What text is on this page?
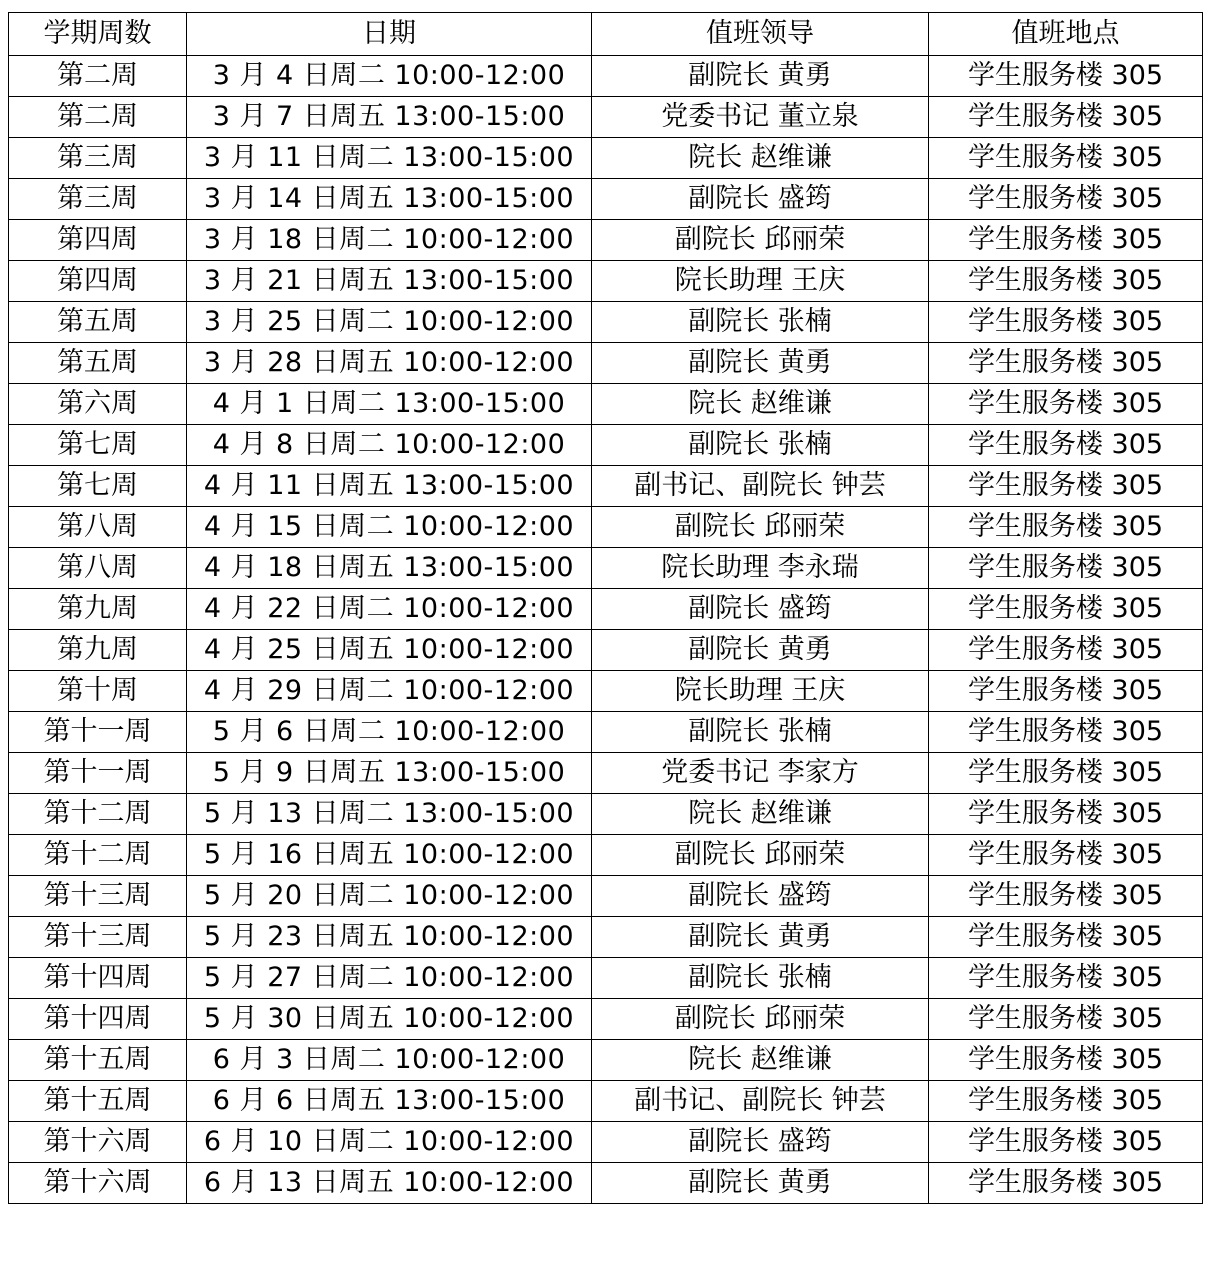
学期周数	日期	值班领导	值班地点
第二周	3 月 4 日周二 10:00-12:00	副院长 黄勇	学生服务楼 305
第二周	3 月 7 日周五 13:00-15:00	党委书记 董立泉	学生服务楼 305
第三周	3 月 11 日周二 13:00-15:00	院长 赵维谦	学生服务楼 305
第三周	3 月 14 日周五 13:00-15:00	副院长 盛筠	学生服务楼 305
第四周	3 月 18 日周二 10:00-12:00	副院长 邱丽荣	学生服务楼 305
第四周	3 月 21 日周五 13:00-15:00	院长助理 王庆	学生服务楼 305
第五周	3 月 25 日周二 10:00-12:00	副院长 张楠	学生服务楼 305
第五周	3 月 28 日周五 10:00-12:00	副院长 黄勇	学生服务楼 305
第六周	4 月 1 日周二 13:00-15:00	院长 赵维谦	学生服务楼 305
第七周	4 月 8 日周二 10:00-12:00	副院长 张楠	学生服务楼 305
第七周	4 月 11 日周五 13:00-15:00	副书记、副院长 钟芸	学生服务楼 305
第八周	4 月 15 日周二 10:00-12:00	副院长 邱丽荣	学生服务楼 305
第八周	4 月 18 日周五 13:00-15:00	院长助理 李永瑞	学生服务楼 305
第九周	4 月 22 日周二 10:00-12:00	副院长 盛筠	学生服务楼 305
第九周	4 月 25 日周五 10:00-12:00	副院长 黄勇	学生服务楼 305
第十周	4 月 29 日周二 10:00-12:00	院长助理 王庆	学生服务楼 305
第十一周	5 月 6 日周二 10:00-12:00	副院长 张楠	学生服务楼 305
第十一周	5 月 9 日周五 13:00-15:00	党委书记 李家方	学生服务楼 305
第十二周	5 月 13 日周二 13:00-15:00	院长 赵维谦	学生服务楼 305
第十二周	5 月 16 日周五 10:00-12:00	副院长 邱丽荣	学生服务楼 305
第十三周	5 月 20 日周二 10:00-12:00	副院长 盛筠	学生服务楼 305
第十三周	5 月 23 日周五 10:00-12:00	副院长 黄勇	学生服务楼 305
第十四周	5 月 27 日周二 10:00-12:00	副院长 张楠	学生服务楼 305
第十四周	5 月 30 日周五 10:00-12:00	副院长 邱丽荣	学生服务楼 305
第十五周	6 月 3 日周二 10:00-12:00	院长 赵维谦	学生服务楼 305
第十五周	6 月 6 日周五 13:00-15:00	副书记、副院长 钟芸	学生服务楼 305
第十六周	6 月 10 日周二 10:00-12:00	副院长 盛筠	学生服务楼 305
第十六周	6 月 13 日周五 10:00-12:00	副院长 黄勇	学生服务楼 305
